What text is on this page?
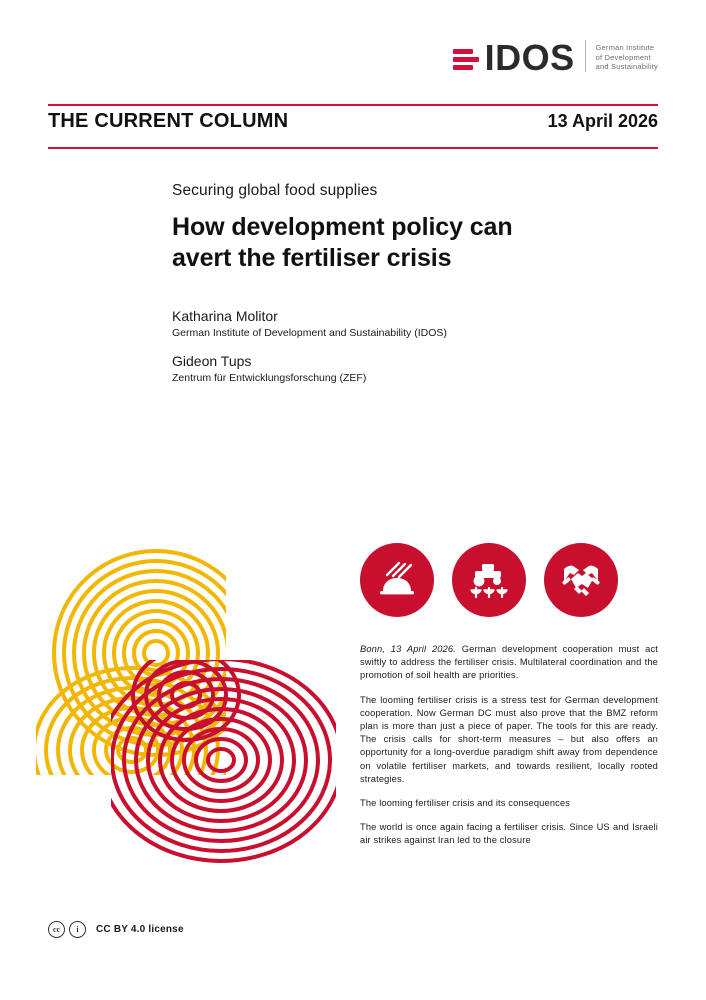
IDOS	German Institute
of Development
and Sustainability
THE CURRENT COLUMN	13 April 2026
Securing global food supplies
How development policy can
avert the fertiliser crisis
Katharina Molitor
German Institute of Development and Sustainability (IDOS)
Gideon Tups
Zentrum für Entwicklungsforschung (ZEF)

Bonn, 13 April 2026. German development cooperation must act swiftly to address the fertiliser crisis. Multilateral coordination and the promotion of soil health are priorities.

The looming fertiliser crisis is a stress test for German development cooperation. Now German DC must also prove that the BMZ reform plan is more than just a piece of paper. The tools for this are ready. The crisis calls for short-term measures – but also offers an opportunity for a long-overdue paradigm shift away from dependence on volatile fertiliser markets, and towards resilient, locally rooted strategies.

The looming fertiliser crisis and its consequences

The world is once again facing a fertiliser crisis. Since US and Israeli air strikes against Iran led to the closure

cc	i	CC BY 4.0 license
